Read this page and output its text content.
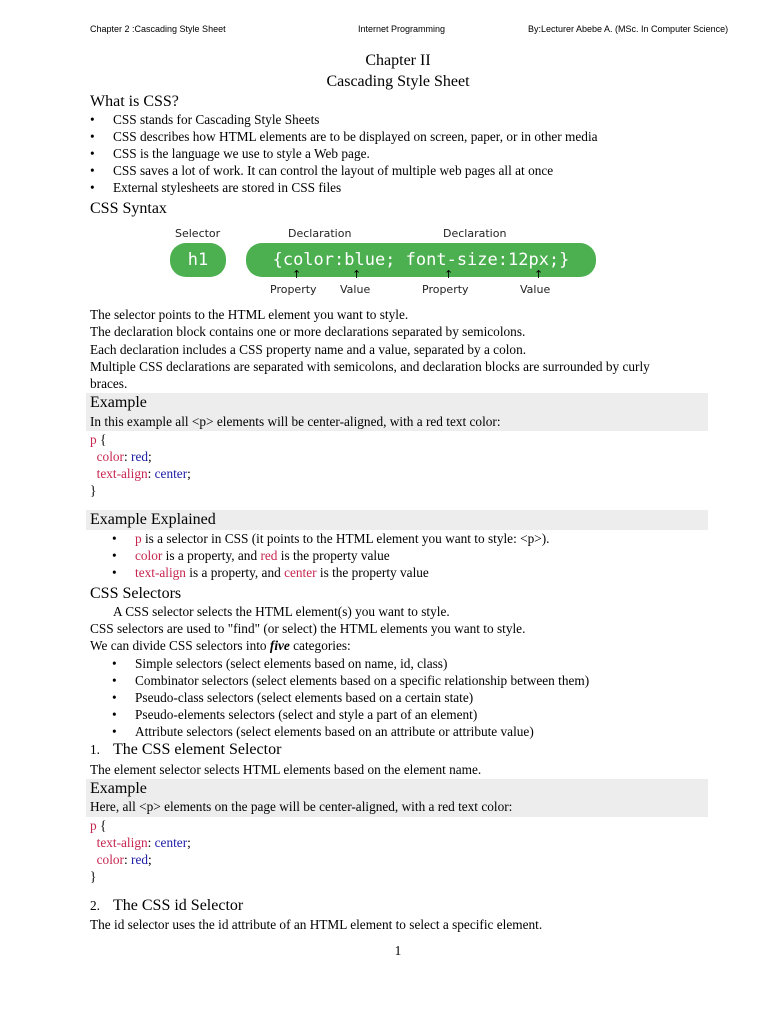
Chapter 2 :Cascading Style Sheet	Internet Programming	By:Lecturer Abebe A. (MSc. In Computer Science)
Chapter II
Cascading Style Sheet
What is CSS?
• CSS stands for Cascading Style Sheets
• CSS describes how HTML elements are to be displayed on screen, paper, or in other media
• CSS is the language we use to style a Web page.
• CSS saves a lot of work. It can control the layout of multiple web pages all at once
• External stylesheets are stored in CSS files
CSS Syntax
Selector	Declaration	Declaration
h1	{color:blue; font-size:12px;}
↑	↑	↑	↑
Property Value	Property	Value
The selector points to the HTML element you want to style.
The declaration block contains one or more declarations separated by semicolons.
Each declaration includes a CSS property name and a value, separated by a colon.
Multiple CSS declarations are separated with semicolons, and declaration blocks are surrounded by curly
braces.
Example
In this example all <p> elements will be center-aligned, with a red text color:
p {
color: red;
text-align: center;
}
Example Explained
• p is a selector in CSS (it points to the HTML element you want to style: <p>).
• color is a property, and red is the property value
• text-align is a property, and center is the property value
CSS Selectors
A CSS selector selects the HTML element(s) you want to style.
CSS selectors are used to "find" (or select) the HTML elements you want to style.
We can divide CSS selectors into five categories:
• Simple selectors (select elements based on name, id, class)
• Combinator selectors (select elements based on a specific relationship between them)
• Pseudo-class selectors (select elements based on a certain state)
• Pseudo-elements selectors (select and style a part of an element)
• Attribute selectors (select elements based on an attribute or attribute value)
1. The CSS element Selector
The element selector selects HTML elements based on the element name.
Example
Here, all <p> elements on the page will be center-aligned, with a red text color:
p {
text-align: center;
color: red;
}
2. The CSS id Selector
The id selector uses the id attribute of an HTML element to select a specific element.
1
